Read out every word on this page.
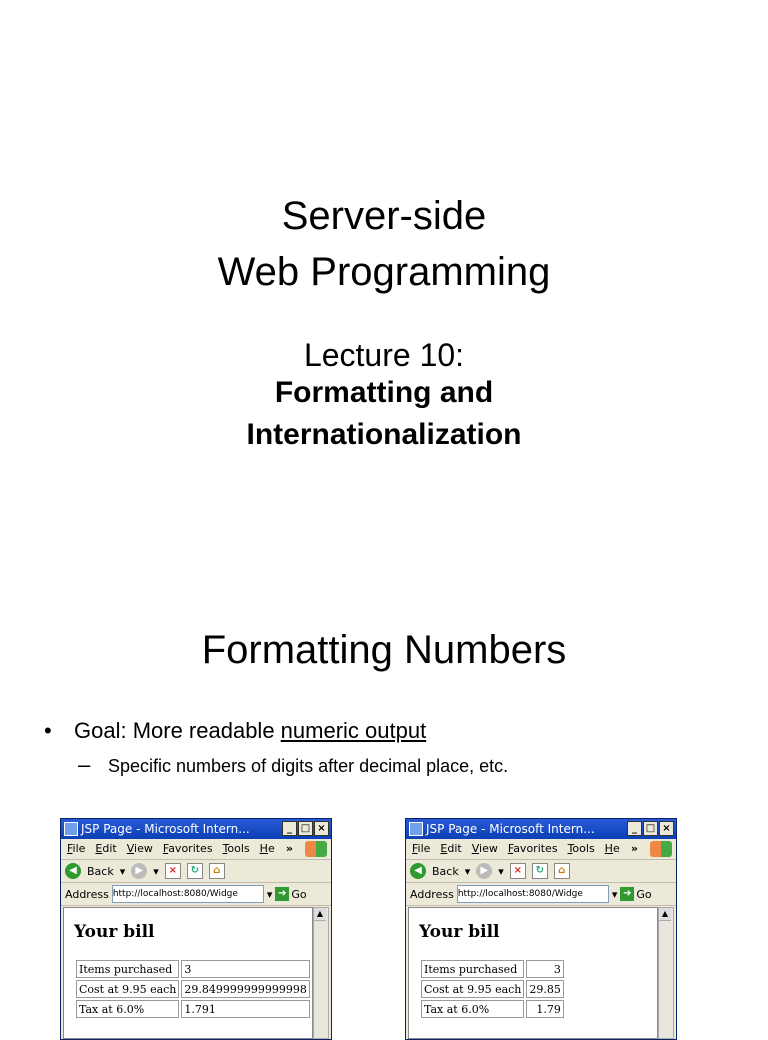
Server-side
Web Programming
Lecture 10:
Formatting and
Internationalization
Formatting Numbers
• Goal: More readable numeric output
– Specific numbers of digits after decimal place, etc.
JSP Page - Microsoft Intern...	_ □ ×
File Edit View Favorites Tools He »
◀ Back ▾	▶ ▾ ×	↻	⌂
Address http://localhost:8080/Widge	▾ ➔ Go
Your bill
Items purchased	3
Cost at 9.95 each	29.849999999999998
Tax at 6.0%	1.791
▲
JSP Page - Microsoft Intern...	_ □ ×
File Edit View Favorites Tools He »
◀ Back ▾	▶ ▾ ×	↻	⌂
Address http://localhost:8080/Widge	▾ ➔ Go
Your bill
Items purchased	3
Cost at 9.95 each	29.85
Tax at 6.0%	1.79
▲
